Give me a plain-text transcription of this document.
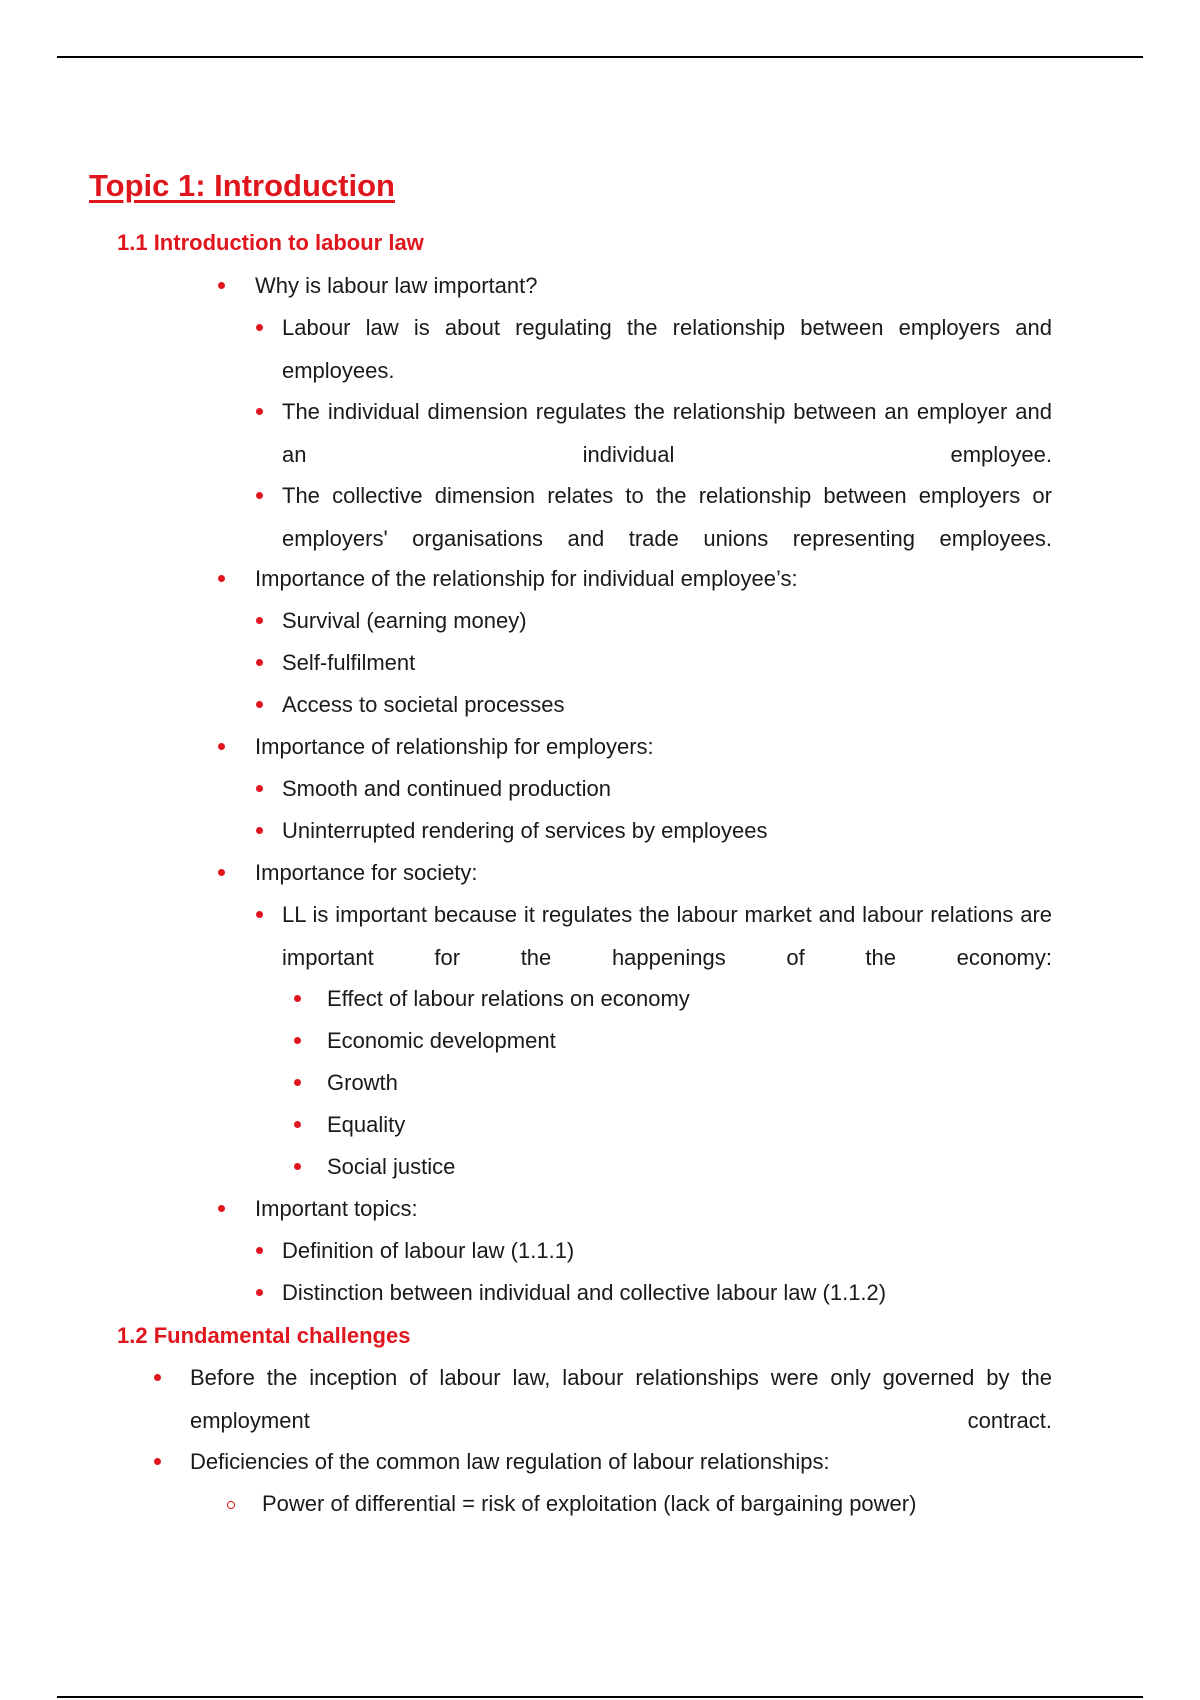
Topic 1: Introduction
1.1 Introduction to labour law
Why is labour law important?
Labour law is about regulating the relationship between employers and employees.
The individual dimension regulates the relationship between an employer and an individual employee.
The collective dimension relates to the relationship between employers or employers' organisations and trade unions representing employees.
Importance of the relationship for individual employee’s:
Survival (earning money)
Self-fulfilment
Access to societal processes
Importance of relationship for employers:
Smooth and continued production
Uninterrupted rendering of services by employees
Importance for society:
LL is important because it regulates the labour market and labour relations are important for the happenings of the economy:
Effect of labour relations on economy
Economic development
Growth
Equality
Social justice
Important topics:
Definition of labour law (1.1.1)
Distinction between individual and collective labour law (1.1.2)
1.2 Fundamental challenges
Before the inception of labour law, labour relationships were only governed by the employment contract.
Deficiencies of the common law regulation of labour relationships:
Power of differential = risk of exploitation (lack of bargaining power)
